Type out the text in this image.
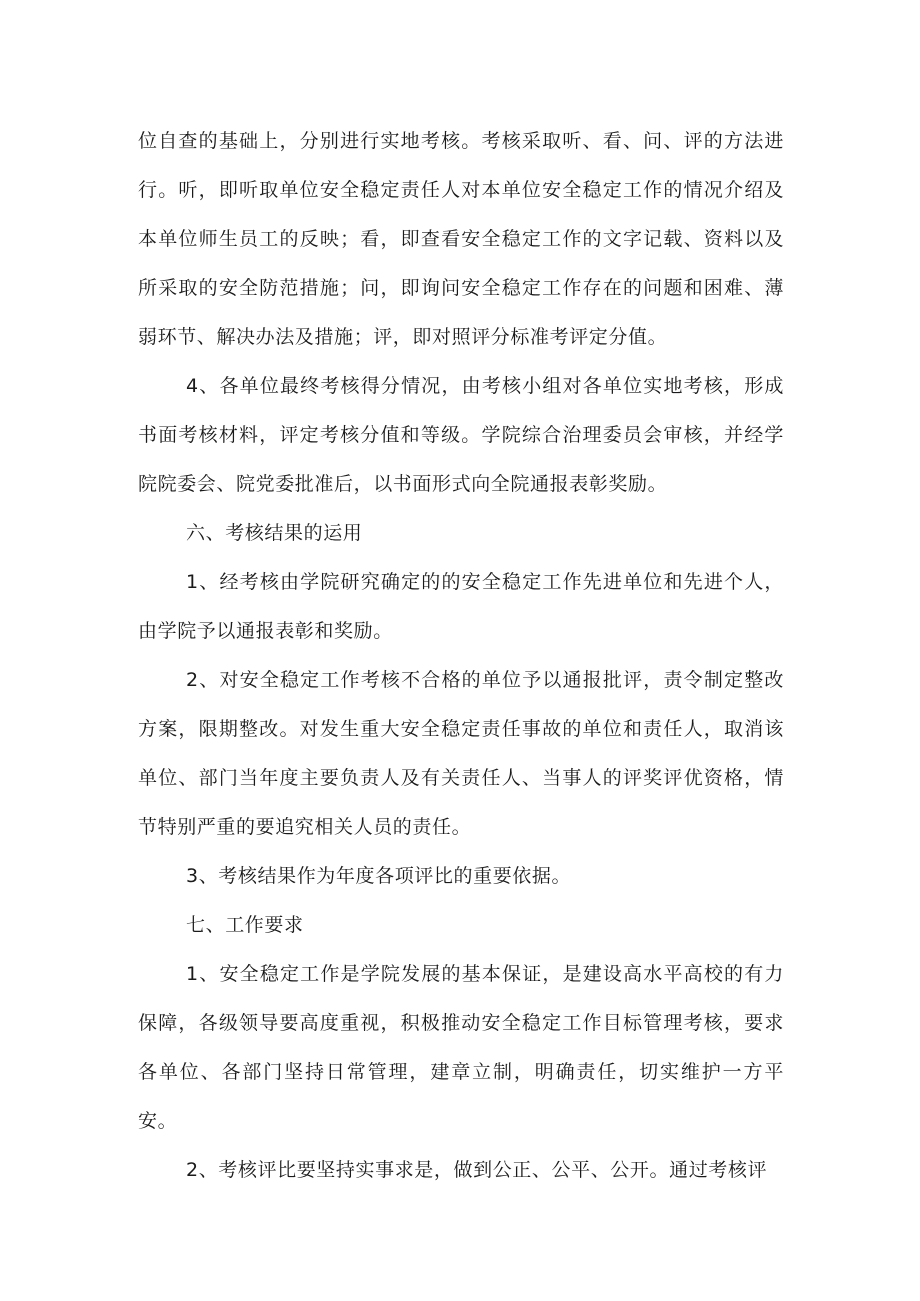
位自查的基础上，分别进行实地考核。考核采取听、看、问、评的方法进行。听，即听取单位安全稳定责任人对本单位安全稳定工作的情况介绍及本单位师生员工的反映；看，即查看安全稳定工作的文字记载、资料以及所采取的安全防范措施；问，即询问安全稳定工作存在的问题和困难、薄弱环节、解决办法及措施；评，即对照评分标准考评定分值。

4、各单位最终考核得分情况，由考核小组对各单位实地考核，形成书面考核材料，评定考核分值和等级。学院综合治理委员会审核，并经学院院委会、院党委批准后，以书面形式向全院通报表彰奖励。

六、考核结果的运用

1、经考核由学院研究确定的的安全稳定工作先进单位和先进个人，由学院予以通报表彰和奖励。

2、对安全稳定工作考核不合格的单位予以通报批评，责令制定整改方案，限期整改。对发生重大安全稳定责任事故的单位和责任人，取消该单位、部门当年度主要负责人及有关责任人、当事人的评奖评优资格，情节特别严重的要追究相关人员的责任。

3、考核结果作为年度各项评比的重要依据。

七、工作要求

1、安全稳定工作是学院发展的基本保证，是建设高水平高校的有力保障，各级领导要高度重视，积极推动安全稳定工作目标管理考核，要求各单位、各部门坚持日常管理，建章立制，明确责任，切实维护一方平安。

2、考核评比要坚持实事求是，做到公正、公平、公开。通过考核评
